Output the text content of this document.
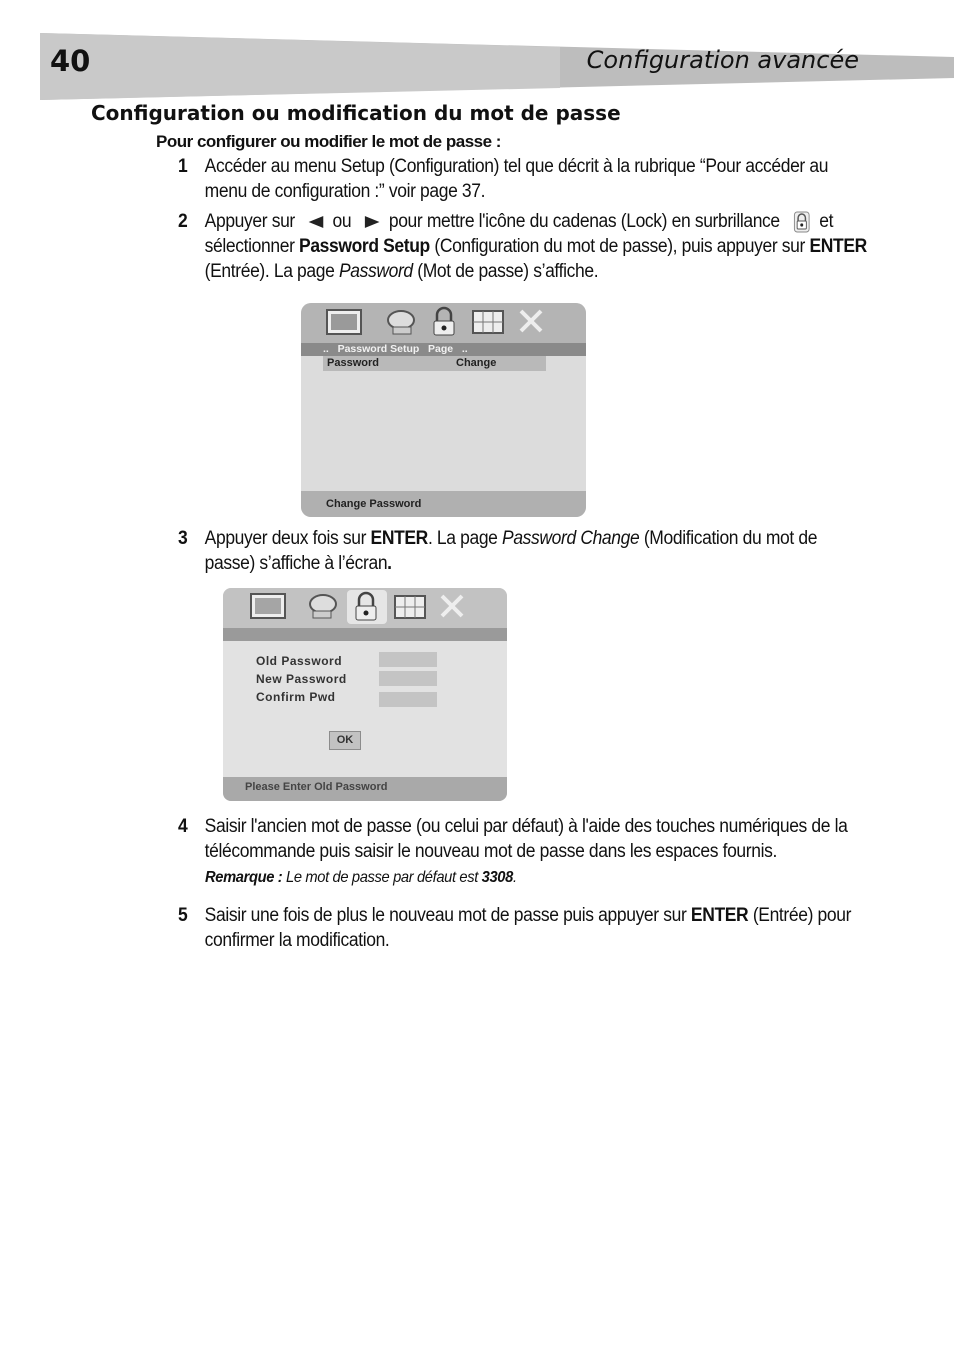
40	Configuration avancée
Configuration ou modification du mot de passe
Pour configurer ou modifier le mot de passe :
1 Accéder au menu Setup (Configuration) tel que décrit à la rubrique “Pour accéder au menu de configuration :” voir page 37.
2 Appuyer sur ou pour mettre l'icône du cadenas (Lock) en surbrillance et sélectionner Password Setup (Configuration du mot de passe), puis appuyer sur ENTER (Entrée). La page Password (Mot de passe) s’affiche.
..   Password Setup   Page   ..
Password	Change
Change Password
3 Appuyer deux fois sur ENTER. La page Password Change (Modification du mot de passe) s’affiche à l’écran.
Old Password
New Password
Confirm Pwd
OK
Please Enter Old Password
4 Saisir l'ancien mot de passe (ou celui par défaut) à l'aide des touches numériques de la télécommande puis saisir le nouveau mot de passe dans les espaces fournis.
Remarque : Le mot de passe par défaut est 3308.
5 Saisir une fois de plus le nouveau mot de passe puis appuyer sur ENTER (Entrée) pour confirmer la modification.
